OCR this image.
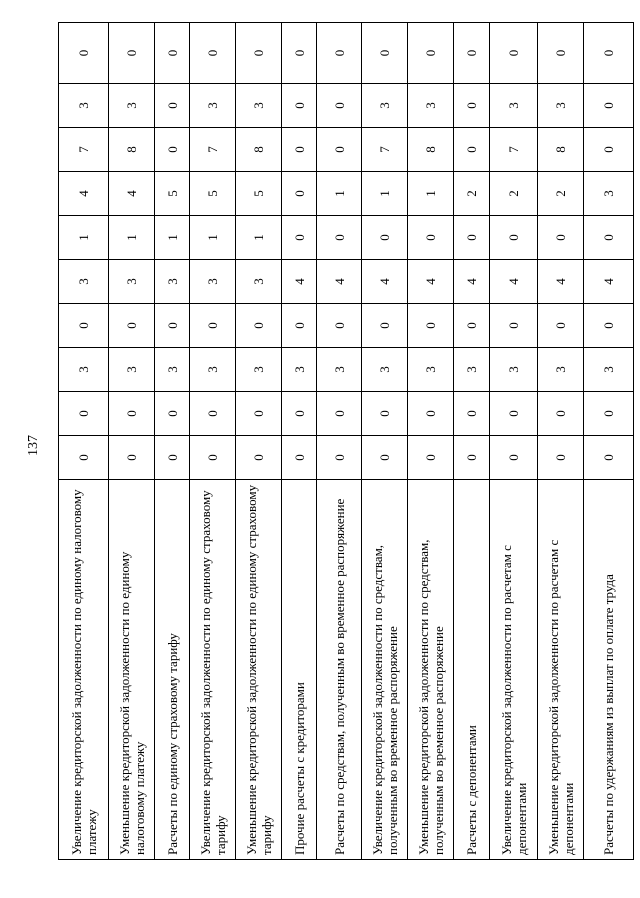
137
Увеличение кредиторской задолженности по единому налоговому платежу	0	0	3	0	3	1	4	7	3	0
Уменьшение кредиторской задолженности по единому налоговому платежу	0	0	3	0	3	1	4	8	3	0
Расчеты по единому страховому тарифу	0	0	3	0	3	1	5	0	0	0
Увеличение кредиторской задолженности по единому страховому тарифу	0	0	3	0	3	1	5	7	3	0
Уменьшение кредиторской задолженности по единому страховому тарифу	0	0	3	0	3	1	5	8	3	0
Прочие расчеты с кредиторами	0	0	3	0	4	0	0	0	0	0
Расчеты по средствам, полученным во временное распоряжение	0	0	3	0	4	0	1	0	0	0
Увеличение кредиторской задолженности по средствам, полученным во временное распоряжение	0	0	3	0	4	0	1	7	3	0
Уменьшение кредиторской задолженности по средствам, полученным во временное распоряжение	0	0	3	0	4	0	1	8	3	0
Расчеты с депонентами	0	0	3	0	4	0	2	0	0	0
Увеличение кредиторской задолженности по расчетам с депонентами	0	0	3	0	4	0	2	7	3	0
Уменьшение кредиторской задолженности по расчетам с депонентами	0	0	3	0	4	0	2	8	3	0
Расчеты по удержаниям из выплат по оплате труда	0	0	3	0	4	0	3	0	0	0
